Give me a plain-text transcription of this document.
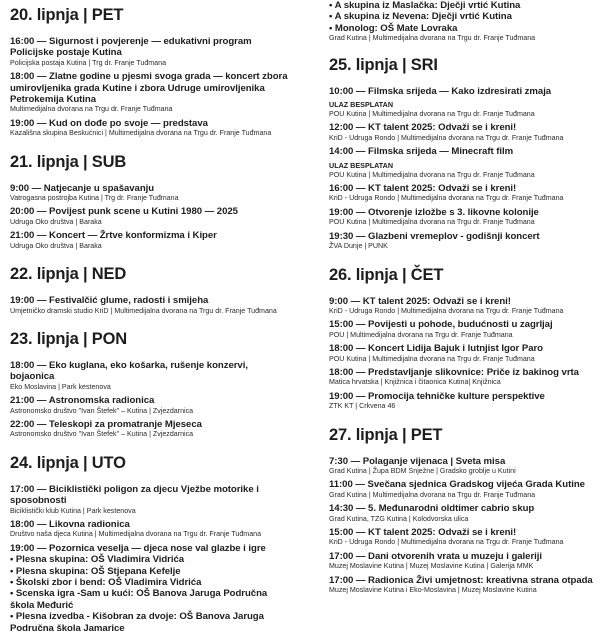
20. lipnja | PET
16:00 — Sigurnost i povjerenje — edukativni program Policijske postaje Kutina
Policijska postaja Kutina | Trg dr. Franje Tuđmana
18:00 — Zlatne godine u pjesmi svoga grada — koncert zbora umirovljenika grada Kutine i zbora Udruge umirovljenika Petrokemija Kutina
Multimedijalna dvorana na Trgu dr. Franje Tuđmana
19:00 — Kud on dođe po svoje — predstava
Kazališna skupina Beskućnici | Multimedijalna dvorana na Trgu dr. Franje Tuđmana
21. lipnja | SUB
9:00 — Natjecanje u spašavanju
Vatrogasna postrojba Kutina | Trg dr. Franje Tuđmana
20:00 — Povijest punk scene u Kutini 1980 — 2025
Udruga Oko društva | Baraka
21:00 — Koncert — Žrtve konformizma i Kiper
Udruga Oko društva | Baraka
22. lipnja | NED
19:00 — Festivalčić glume, radosti i smijeha
Umjetničko dramski studio KriD | Multimedijalna dvorana na Trgu dr. Franje Tuđmana
23. lipnja | PON
18:00 — Eko kuglana, eko košarka, rušenje konzervi, bojaonica
Eko Moslavina | Park kestenova
21:00 — Astronomska radionica
Astronomsko društvo "Ivan Štefek" – Kutina | Zvjezdarnica
22:00 — Teleskopi za promatranje Mjeseca
Astronomsko društvo "Ivan Štefek" – Kutina | Zvjezdarnica
24. lipnja | UTO
17:00 — Biciklistički poligon za djecu Vježbe motorike i sposobnosti
Biciklistički klub Kutina | Park kestenova
18:00 — Likovna radionica
Društvo naša djeca Kutina | Multimedijalna dvorana na Trgu dr. Franje Tuđmana
19:00 — Pozornica veselja — djeca nose val glazbe i igre
• Plesna skupina: OŠ Vladimira Vidrića
• Plesna skupina: OŠ Stjepana Kefelje
• Školski zbor i bend: OŠ Vladimira Vidrića
• Scenska igra -Sam u kući: OŠ Banova Jaruga Područna škola Međurić
• Plesna izvedba - Kišobran za dvoje: OŠ Banova Jaruga Područna škola Jamarice
• A skupina iz Maslačka: Dječji vrtić Kutina
• A skupina iz Nevena: Dječji vrtić Kutina
• Monolog: OŠ Mate Lovraka
Grad Kutina | Multimedijalna dvorana na Trgu dr. Franje Tuđmana
25. lipnja | SRI
10:00 — Filmska srijeda — Kako izdresirati zmaja
ULAZ BESPLATAN
POU Kutina | Multimedijalna dvorana na Trgu dr. Franje Tuđmana
12:00 — KT talent 2025: Odvaži se i kreni!
KriD - Udruga Rondo | Multimedijalna dvorana na Trgu dr. Franje Tuđmana
14:00 — Filmska srijeda — Minecraft film
ULAZ BESPLATAN
POU Kutina | Multimedijalna dvorana na Trgu dr. Franje Tuđmana
16:00 — KT talent 2025: Odvaži se i kreni!
KriD - Udruga Rondo | Multimedijalna dvorana na Trgu dr. Franje Tuđmana
19:00 — Otvorenje izložbe s 3. likovne kolonije
POU Kutina | Multimedijalna dvorana na Trgu dr. Franje Tuđmana
19:30 — Glazbeni vremeplov - godišnji koncert
ŽVA Dunje | PUNK
26. lipnja | ČET
9:00 — KT talent 2025: Odvaži se i kreni!
KriD - Udruga Rondo | Multimedijalna dvorana na Trgu dr. Franje Tuđmana
15:00 — Povijesti u pohode, budućnosti u zagrljaj
POU | Multimedijalna dvorana na Trgu dr. Franje Tuđmana
18:00 — Koncert Lidija Bajuk i lutnjist Igor Paro
POU Kutina | Multimedijalna dvorana na Trgu dr. Franje Tuđmana
18:00 — Predstavljanje slikovnice: Priče iz bakinog vrta
Matica hrvatska | Knjižnica i čitaonica Kutina| Knjižnica
19:00 — Promocija tehničke kulture perspektive
ZTK KT | Crkvena 46
27. lipnja | PET
7:30 — Polaganje vijenaca | Sveta misa
Grad Kutina | Župa BDM Snježne | Gradsko groblje u Kutini
11:00 — Svečana sjednica Gradskog vijeća Grada Kutine
Grad Kutina | Multimedijalna dvorana na Trgu dr. Franje Tuđmana
14:30 — 5. Međunarodni oldtimer cabrio skup
Grad Kutina, TZG Kutina | Kolodvorska ulica
15:00 — KT talent 2025: Odvaži se i kreni!
KriD - Udruga Rondo | Multimedijalna dvorana na Trgu dr. Franje Tuđmana
17:00 — Dani otvorenih vrata u muzeju i galeriji
Muzej Moslavine Kutina | Muzej Moslavine Kutina | Galerija MMK
17:00 — Radionica Živi umjetnost: kreativna strana otpada
Muzej Moslavine Kutina i Eko-Moslavina | Muzej Moslavine Kutina
